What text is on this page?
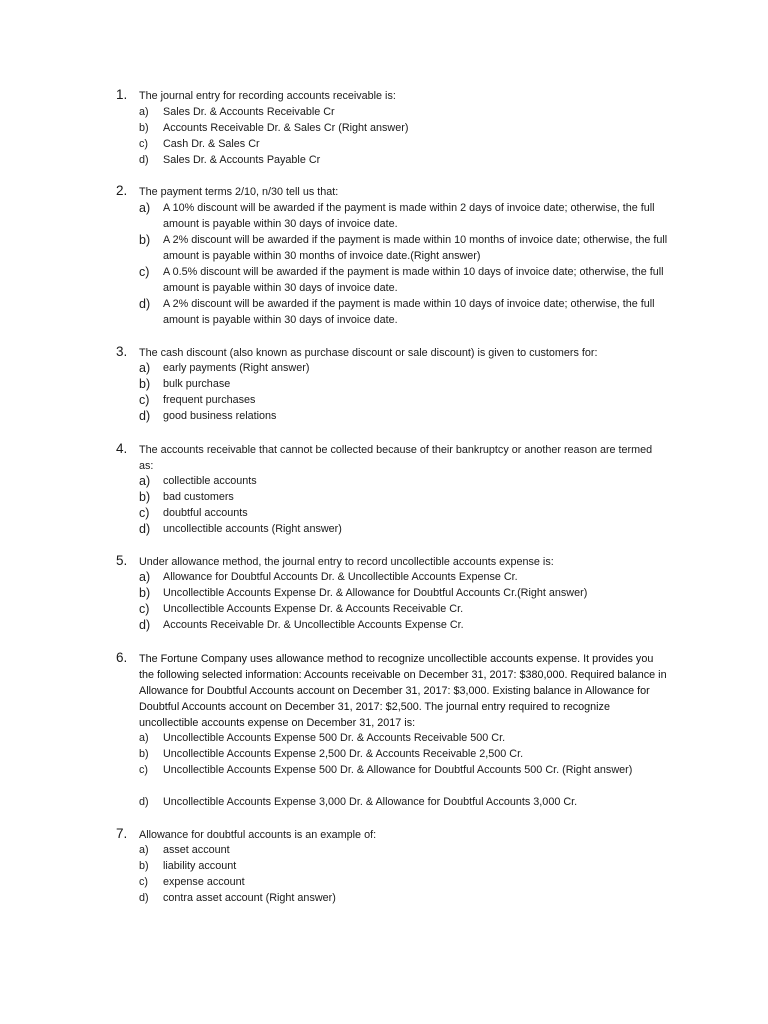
1. The journal entry for recording accounts receivable is:
a) Sales Dr. & Accounts Receivable Cr
b) Accounts Receivable Dr. & Sales Cr (Right answer)
c) Cash Dr. & Sales Cr
d) Sales Dr. & Accounts Payable Cr
2. The payment terms 2/10, n/30 tell us that:
a) A 10% discount will be awarded if the payment is made within 2 days of invoice date; otherwise, the full amount is payable within 30 days of invoice date.
b) A 2% discount will be awarded if the payment is made within 10 months of invoice date; otherwise, the full amount is payable within 30 months of invoice date.(Right answer)
c) A 0.5% discount will be awarded if the payment is made within 10 days of invoice date; otherwise, the full amount is payable within 30 days of invoice date.
d) A 2% discount will be awarded if the payment is made within 10 days of invoice date; otherwise, the full amount is payable within 30 days of invoice date.
3. The cash discount (also known as purchase discount or sale discount) is given to customers for:
a) early payments (Right answer)
b) bulk purchase
c) frequent purchases
d) good business relations
4. The accounts receivable that cannot be collected because of their bankruptcy or another reason are termed as:
a) collectible accounts
b) bad customers
c) doubtful accounts
d) uncollectible accounts (Right answer)
5. Under allowance method, the journal entry to record uncollectible accounts expense is:
a) Allowance for Doubtful Accounts Dr. & Uncollectible Accounts Expense Cr.
b) Uncollectible Accounts Expense Dr. & Allowance for Doubtful Accounts Cr.(Right answer)
c) Uncollectible Accounts Expense Dr. & Accounts Receivable Cr.
d) Accounts Receivable Dr. & Uncollectible Accounts Expense Cr.
6. The Fortune Company uses allowance method to recognize uncollectible accounts expense. It provides you the following selected information: Accounts receivable on December 31, 2017: $380,000. Required balance in Allowance for Doubtful Accounts account on December 31, 2017: $3,000. Existing balance in Allowance for Doubtful Accounts account on December 31, 2017: $2,500. The journal entry required to recognize uncollectible accounts expense on December 31, 2017 is:
a) Uncollectible Accounts Expense 500 Dr. & Accounts Receivable 500 Cr.
b) Uncollectible Accounts Expense 2,500 Dr. & Accounts Receivable 2,500 Cr.
c) Uncollectible Accounts Expense 500 Dr. & Allowance for Doubtful Accounts 500 Cr. (Right answer)
d) Uncollectible Accounts Expense 3,000 Dr. & Allowance for Doubtful Accounts 3,000 Cr.
7. Allowance for doubtful accounts is an example of:
a) asset account
b) liability account
c) expense account
d) contra asset account (Right answer)
